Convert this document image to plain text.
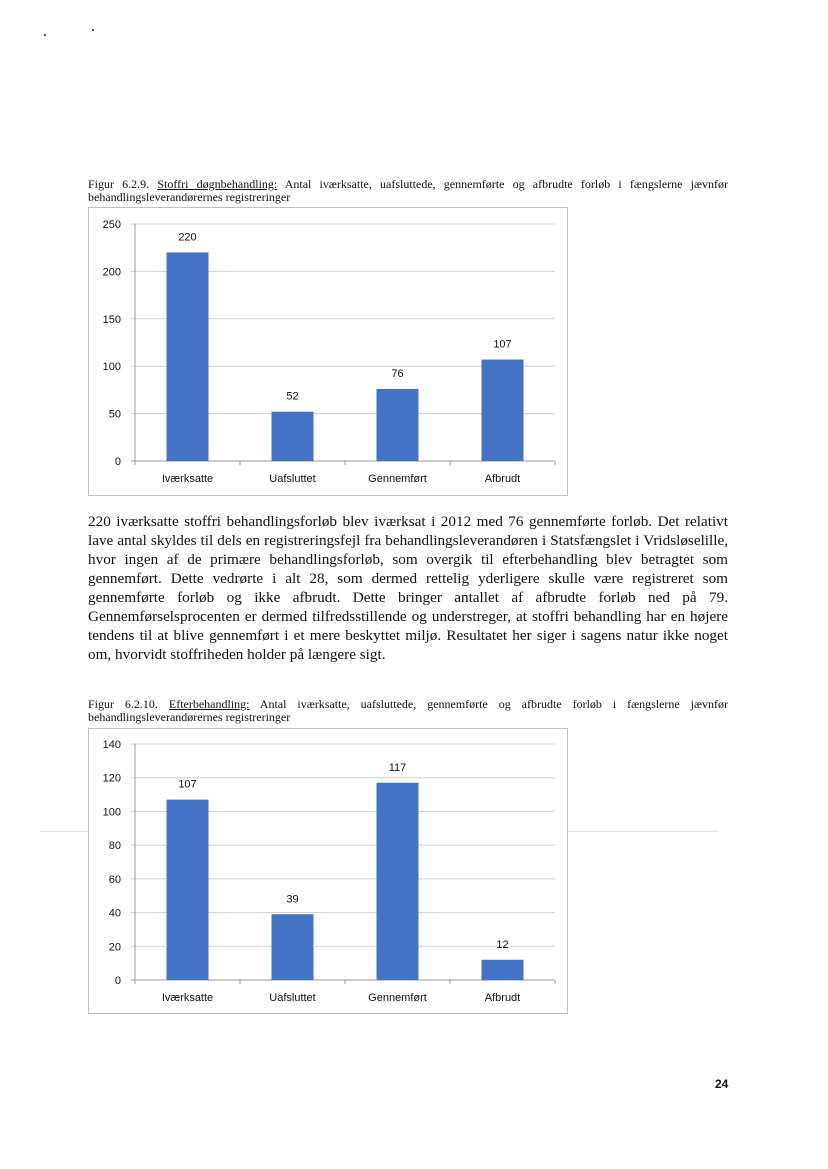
Figur 6.2.9. Stoffri døgnbehandling: Antal iværksatte, uafsluttede, gennemførte og afbrudte forløb i fængslerne jævnfør behandlingsleverandørernes registreringer
0
50
100
150
200
250
220
Iværksatte
52
Uafsluttet
76
Gennemført
107
Afbrudt
220 iværksatte stoffri behandlingsforløb blev iværksat i 2012 med 76 gennemførte forløb. Det relativt lave antal skyldes til dels en registreringsfejl fra behandlingsleverandøren i Statsfængslet i Vridsløselille, hvor ingen af de primære behandlingsforløb, som overgik til efterbehandling blev betragtet som gennemført. Dette vedrørte i alt 28, som dermed rettelig yderligere skulle være registreret som gennemførte forløb og ikke afbrudt. Dette bringer antallet af afbrudte forløb ned på 79. Gennemførselsprocenten er dermed tilfredsstillende og understreger, at stoffri behandling har en højere tendens til at blive gennemført i et mere beskyttet miljø. Resultatet her siger i sagens natur ikke noget om, hvorvidt stoffriheden holder på længere sigt.
Figur 6.2.10. Efterbehandling: Antal iværksatte, uafsluttede, gennemførte og afbrudte forløb i fængslerne jævnfør behandlingsleverandørernes registreringer
0
20
40
60
80
100
120
140
107
Iværksatte
39
Uafsluttet
117
Gennemført
12
Afbrudt
24
